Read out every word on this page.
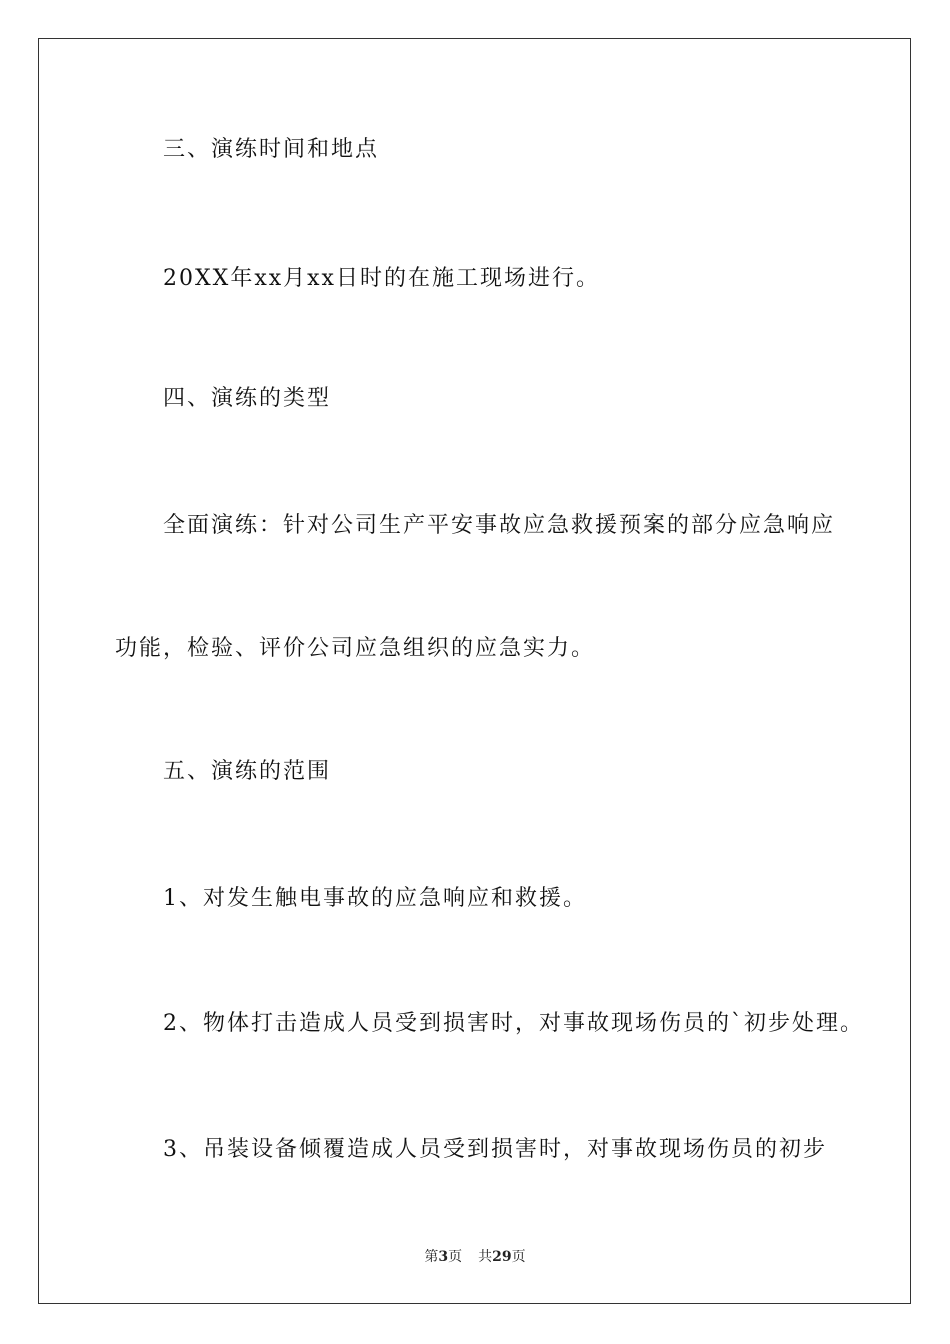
三、演练时间和地点
20XX年xx月xx日时的在施工现场进行。
四、演练的类型
全面演练：针对公司生产平安事故应急救援预案的部分应急响应
功能，检验、评价公司应急组织的应急实力。
五、演练的范围
1、对发生触电事故的应急响应和救援。
2、物体打击造成人员受到损害时，对事故现场伤员的`初步处理。
3、吊装设备倾覆造成人员受到损害时，对事故现场伤员的初步
第3页 共29页
